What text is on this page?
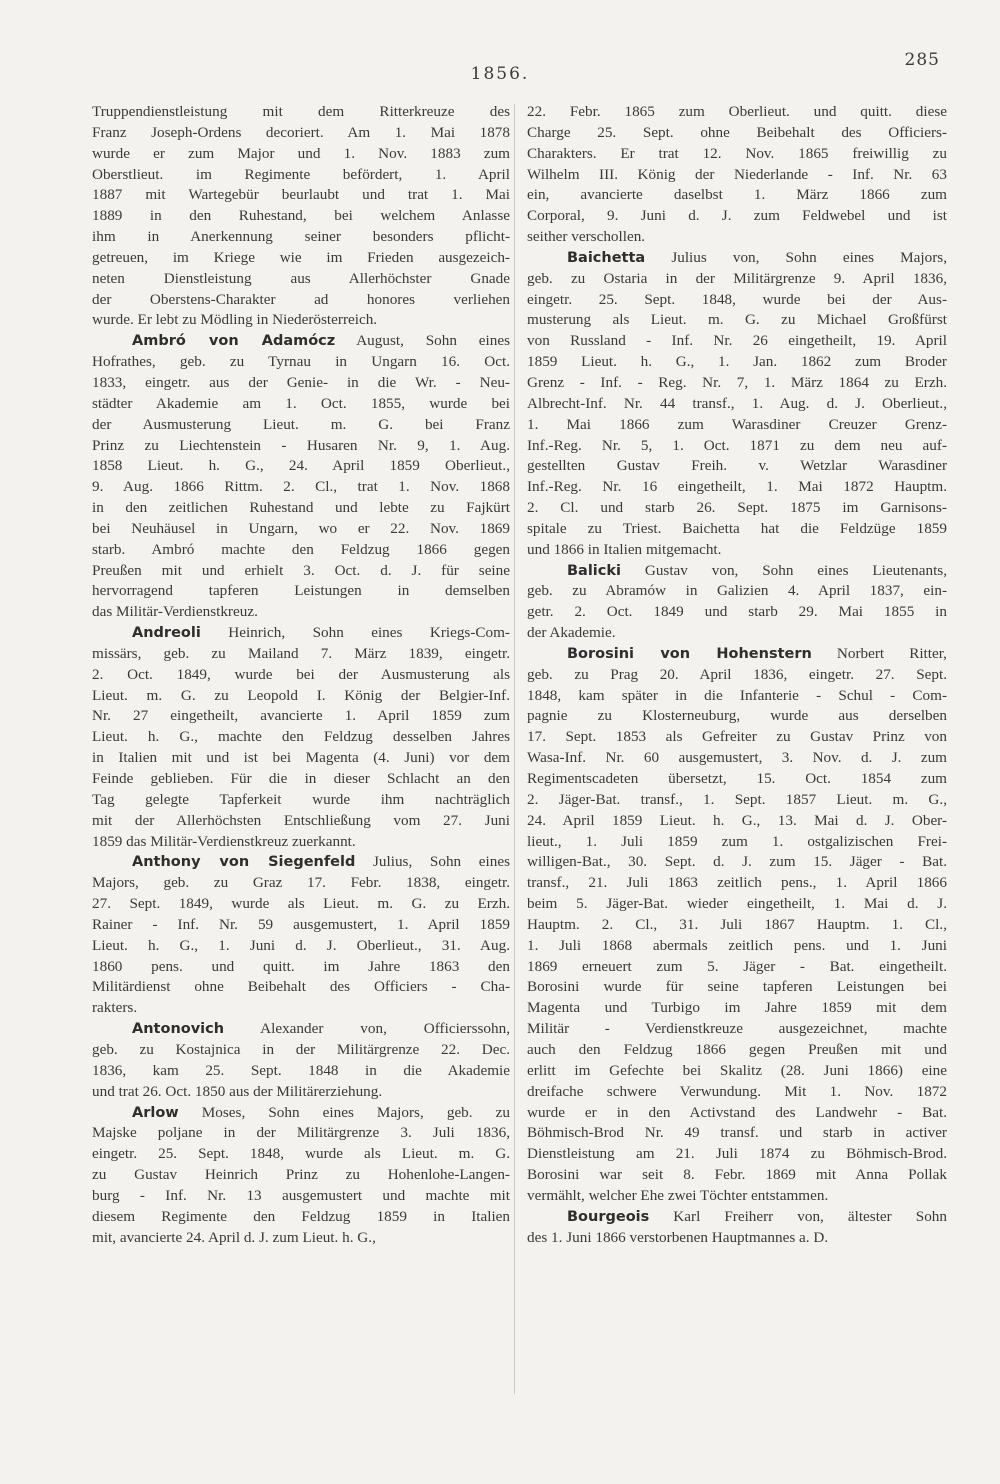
285
1856.
Truppendienstleistung mit dem Ritterkreuze des
Franz Joseph-Ordens decoriert. Am 1. Mai 1878
wurde er zum Major und 1. Nov. 1883 zum
Oberstlieut. im Regimente befördert, 1. April
1887 mit Wartegebür beurlaubt und trat 1. Mai
1889 in den Ruhestand, bei welchem Anlasse
ihm in Anerkennung seiner besonders pflicht-
getreuen, im Kriege wie im Frieden ausgezeich-
neten Dienstleistung aus Allerhöchster Gnade
der Oberstens-Charakter ad honores verliehen
wurde. Er lebt zu Mödling in Niederösterreich.
Ambró von Adamócz August, Sohn eines
Hofrathes, geb. zu Tyrnau in Ungarn 16. Oct.
1833, eingetr. aus der Genie- in die Wr. - Neu-
städter Akademie am 1. Oct. 1855, wurde bei
der Ausmusterung Lieut. m. G. bei Franz
Prinz zu Liechtenstein - Husaren Nr. 9, 1. Aug.
1858 Lieut. h. G., 24. April 1859 Oberlieut.,
9. Aug. 1866 Rittm. 2. Cl., trat 1. Nov. 1868
in den zeitlichen Ruhestand und lebte zu Fajkürt
bei Neuhäusel in Ungarn, wo er 22. Nov. 1869
starb. Ambró machte den Feldzug 1866 gegen
Preußen mit und erhielt 3. Oct. d. J. für seine
hervorragend tapferen Leistungen in demselben
das Militär-Verdienstkreuz.
Andreoli Heinrich, Sohn eines Kriegs-Com-
missärs, geb. zu Mailand 7. März 1839, eingetr.
2. Oct. 1849, wurde bei der Ausmusterung als
Lieut. m. G. zu Leopold I. König der Belgier-Inf.
Nr. 27 eingetheilt, avancierte 1. April 1859 zum
Lieut. h. G., machte den Feldzug desselben Jahres
in Italien mit und ist bei Magenta (4. Juni) vor dem
Feinde geblieben. Für die in dieser Schlacht an den
Tag gelegte Tapferkeit wurde ihm nachträglich
mit der Allerhöchsten Entschließung vom 27. Juni
1859 das Militär-Verdienstkreuz zuerkannt.
Anthony von Siegenfeld Julius, Sohn eines
Majors, geb. zu Graz 17. Febr. 1838, eingetr.
27. Sept. 1849, wurde als Lieut. m. G. zu Erzh.
Rainer - Inf. Nr. 59 ausgemustert, 1. April 1859
Lieut. h. G., 1. Juni d. J. Oberlieut., 31. Aug.
1860 pens. und quitt. im Jahre 1863 den
Militärdienst ohne Beibehalt des Officiers - Cha-
rakters.
Antonovich Alexander von, Officierssohn,
geb. zu Kostajnica in der Militärgrenze 22. Dec.
1836, kam 25. Sept. 1848 in die Akademie
und trat 26. Oct. 1850 aus der Militärerziehung.
Arlow Moses, Sohn eines Majors, geb. zu
Majske poljane in der Militärgrenze 3. Juli 1836,
eingetr. 25. Sept. 1848, wurde als Lieut. m. G.
zu Gustav Heinrich Prinz zu Hohenlohe-Langen-
burg - Inf. Nr. 13 ausgemustert und machte mit
diesem Regimente den Feldzug 1859 in Italien
mit, avancierte 24. April d. J. zum Lieut. h. G.,
22. Febr. 1865 zum Oberlieut. und quitt. diese
Charge 25. Sept. ohne Beibehalt des Officiers-
Charakters. Er trat 12. Nov. 1865 freiwillig zu
Wilhelm III. König der Niederlande - Inf. Nr. 63
ein, avancierte daselbst 1. März 1866 zum
Corporal, 9. Juni d. J. zum Feldwebel und ist
seither verschollen.
Baichetta Julius von, Sohn eines Majors,
geb. zu Ostaria in der Militärgrenze 9. April 1836,
eingetr. 25. Sept. 1848, wurde bei der Aus-
musterung als Lieut. m. G. zu Michael Großfürst
von Russland - Inf. Nr. 26 eingetheilt, 19. April
1859 Lieut. h. G., 1. Jan. 1862 zum Broder
Grenz - Inf. - Reg. Nr. 7, 1. März 1864 zu Erzh.
Albrecht-Inf. Nr. 44 transf., 1. Aug. d. J. Oberlieut.,
1. Mai 1866 zum Warasdiner Creuzer Grenz-
Inf.-Reg. Nr. 5, 1. Oct. 1871 zu dem neu auf-
gestellten Gustav Freih. v. Wetzlar Warasdiner
Inf.-Reg. Nr. 16 eingetheilt, 1. Mai 1872 Hauptm.
2. Cl. und starb 26. Sept. 1875 im Garnisons-
spitale zu Triest. Baichetta hat die Feldzüge 1859
und 1866 in Italien mitgemacht.
Balicki Gustav von, Sohn eines Lieutenants,
geb. zu Abramów in Galizien 4. April 1837, ein-
getr. 2. Oct. 1849 und starb 29. Mai 1855 in
der Akademie.
Borosini von Hohenstern Norbert Ritter,
geb. zu Prag 20. April 1836, eingetr. 27. Sept.
1848, kam später in die Infanterie - Schul - Com-
pagnie zu Klosterneuburg, wurde aus derselben
17. Sept. 1853 als Gefreiter zu Gustav Prinz von
Wasa-Inf. Nr. 60 ausgemustert, 3. Nov. d. J. zum
Regimentscadeten übersetzt, 15. Oct. 1854 zum
2. Jäger-Bat. transf., 1. Sept. 1857 Lieut. m. G.,
24. April 1859 Lieut. h. G., 13. Mai d. J. Ober-
lieut., 1. Juli 1859 zum 1. ostgalizischen Frei-
willigen-Bat., 30. Sept. d. J. zum 15. Jäger - Bat.
transf., 21. Juli 1863 zeitlich pens., 1. April 1866
beim 5. Jäger-Bat. wieder eingetheilt, 1. Mai d. J.
Hauptm. 2. Cl., 31. Juli 1867 Hauptm. 1. Cl.,
1. Juli 1868 abermals zeitlich pens. und 1. Juni
1869 erneuert zum 5. Jäger - Bat. eingetheilt.
Borosini wurde für seine tapferen Leistungen bei
Magenta und Turbigo im Jahre 1859 mit dem
Militär - Verdienstkreuze ausgezeichnet, machte
auch den Feldzug 1866 gegen Preußen mit und
erlitt im Gefechte bei Skalitz (28. Juni 1866) eine
dreifache schwere Verwundung. Mit 1. Nov. 1872
wurde er in den Activstand des Landwehr - Bat.
Böhmisch-Brod Nr. 49 transf. und starb in activer
Dienstleistung am 21. Juli 1874 zu Böhmisch-Brod.
Borosini war seit 8. Febr. 1869 mit Anna Pollak
vermählt, welcher Ehe zwei Töchter entstammen.
Bourgeois Karl Freiherr von, ältester Sohn
des 1. Juni 1866 verstorbenen Hauptmannes a. D.
